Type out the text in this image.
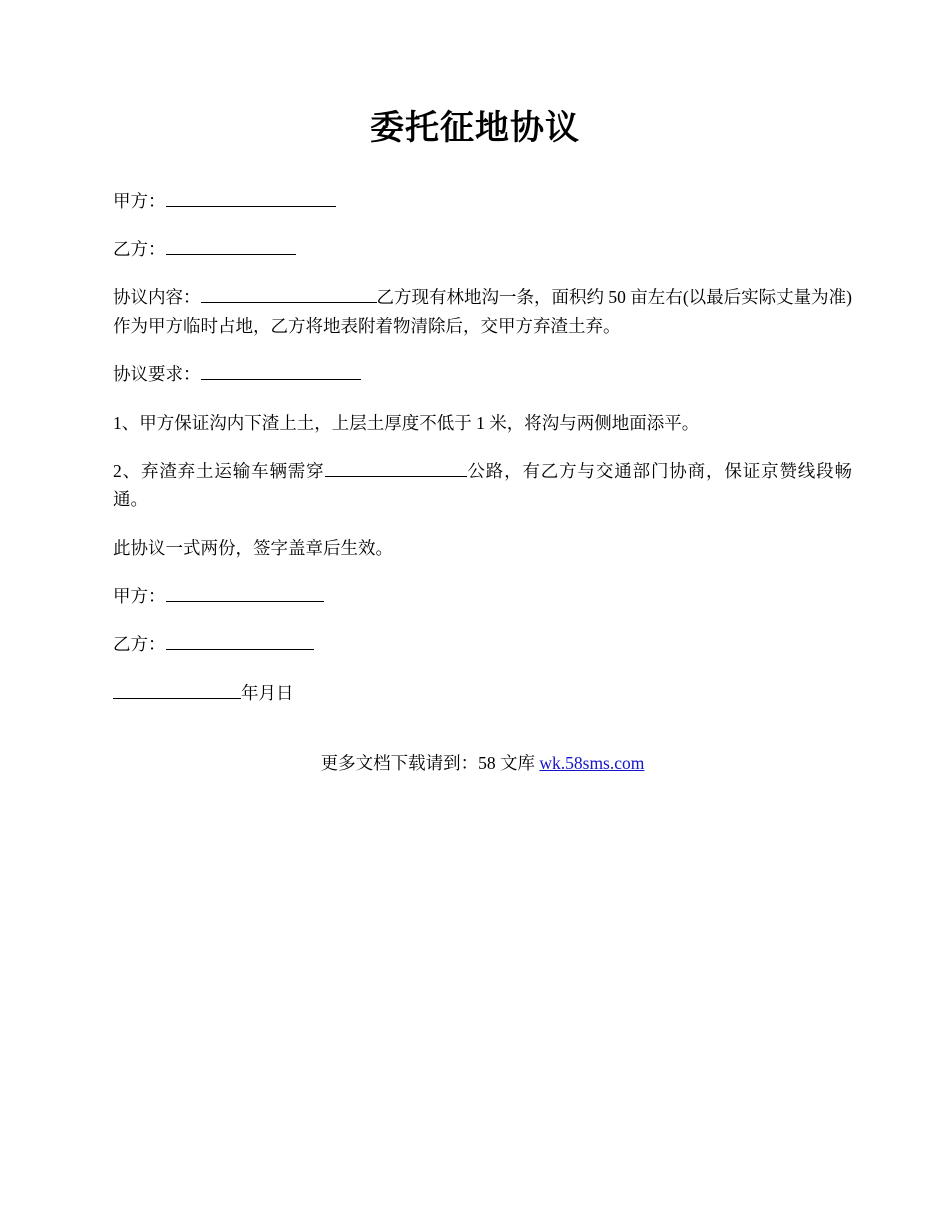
委托征地协议

甲方：

乙方：

协议内容：	乙方现有林地沟一条，面积约 50 亩左右(以最后实际丈量为准)作为甲方临时占地，乙方将地表附着物清除后，交甲方弃渣土弃。

协议要求：

1、甲方保证沟内下渣上土，上层土厚度不低于 1 米，将沟与两侧地面添平。

2、弃渣弃土运输车辆需穿	公路，有乙方与交通部门协商，保证京赞线段畅通。

此协议一式两份，签字盖章后生效。

甲方：

乙方：

年月日

更多文档下载请到：58 文库 wk.58sms.com
